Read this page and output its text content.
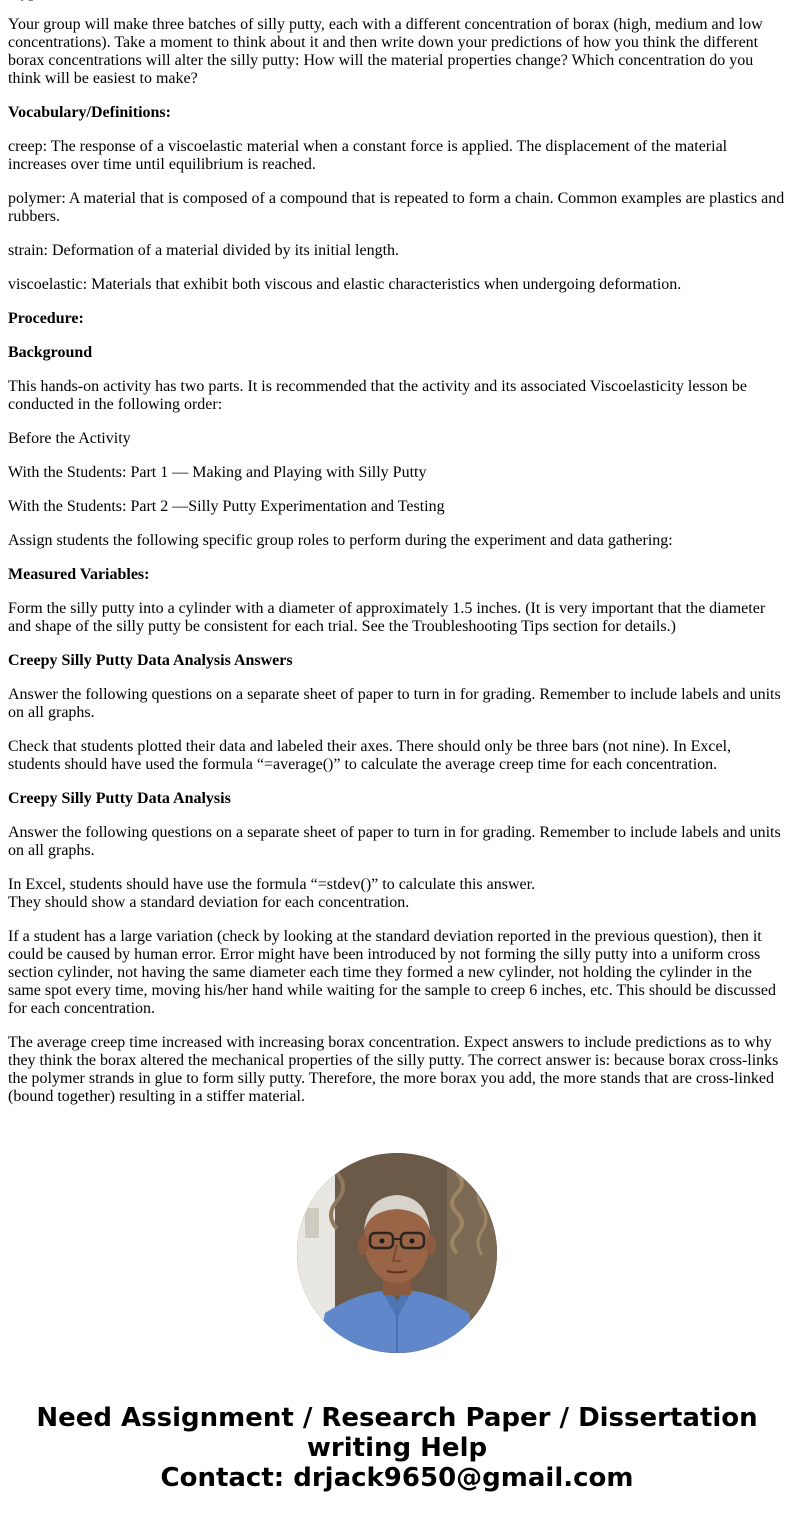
Your group will make three batches of silly putty, each with a different concentration of borax (high, medium and low concentrations). Take a moment to think about it and then write down your predictions of how you think the different borax concentrations will alter the silly putty: How will the material properties change? Which concentration do you think will be easiest to make?

Vocabulary/Definitions:

creep: The response of a viscoelastic material when a constant force is applied. The displacement of the material increases over time until equilibrium is reached.

polymer: A material that is composed of a compound that is repeated to form a chain. Common examples are plastics and rubbers.

strain: Deformation of a material divided by its initial length.

viscoelastic: Materials that exhibit both viscous and elastic characteristics when undergoing deformation.

Procedure:

Background

This hands-on activity has two parts. It is recommended that the activity and its associated Viscoelasticity lesson be conducted in the following order:

Before the Activity

With the Students: Part 1 — Making and Playing with Silly Putty

With the Students: Part 2 —Silly Putty Experimentation and Testing

Assign students the following specific group roles to perform during the experiment and data gathering:

Measured Variables:

Form the silly putty into a cylinder with a diameter of approximately 1.5 inches. (It is very important that the diameter and shape of the silly putty be consistent for each trial. See the Troubleshooting Tips section for details.)

Creepy Silly Putty Data Analysis Answers

Answer the following questions on a separate sheet of paper to turn in for grading. Remember to include labels and units on all graphs.

Check that students plotted their data and labeled their axes. There should only be three bars (not nine). In Excel, students should have used the formula “=average()” to calculate the average creep time for each concentration.

Creepy Silly Putty Data Analysis

Answer the following questions on a separate sheet of paper to turn in for grading. Remember to include labels and units on all graphs.

In Excel, students should have use the formula “=stdev()” to calculate this answer.
They should show a standard deviation for each concentration.

If a student has a large variation (check by looking at the standard deviation reported in the previous question), then it could be caused by human error. Error might have been introduced by not forming the silly putty into a uniform cross section cylinder, not having the same diameter each time they formed a new cylinder, not holding the cylinder in the same spot every time, moving his/her hand while waiting for the sample to creep 6 inches, etc. This should be discussed for each concentration.

The average creep time increased with increasing borax concentration. Expect answers to include predictions as to why they think the borax altered the mechanical properties of the silly putty. The correct answer is: because borax cross-links the polymer strands in glue to form silly putty. Therefore, the more borax you add, the more stands that are cross-linked (bound together) resulting in a stiffer material.

Need Assignment / Research Paper / Dissertation
writing Help
Contact: drjack9650@gmail.com
